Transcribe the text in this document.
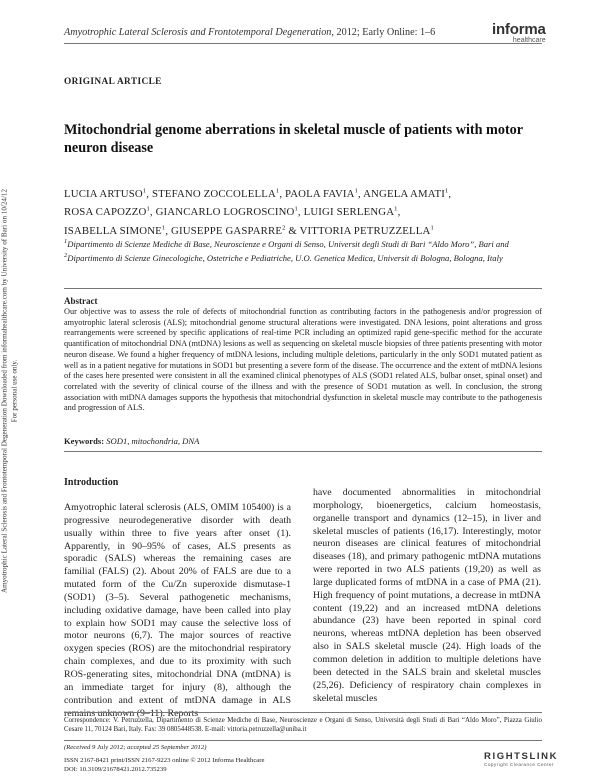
Amyotrophic Lateral Sclerosis and Frontotemporal Degeneration Downloaded from informahealthcare.com by University of Bari on 10/24/12 For personal use only.
Amyotrophic Lateral Sclerosis and Frontotemporal Degeneration, 2012; Early Online: 1–6	informa
healthcare
ORIGINAL ARTICLE
Mitochondrial genome aberrations in skeletal muscle of patients with motor neuron disease
LUCIA ARTUSO$^1$, STEFANO ZOCCOLELLA$^1$, PAOLA FAVIA$^1$, ANGELA AMATI$^1$,
ROSA CAPOZZO$^1$, GIANCARLO LOGROSCINO$^1$, LUIGI SERLENGA$^1$,
ISABELLA SIMONE$^1$, GIUSEPPE GASPARRE$^2$ & VITTORIA PETRUZZELLA$^1$
$^1$Dipartimento di Scienze Mediche di Base, Neuroscienze e Organi di Senso, Universit degli Studi di Bari “Aldo Moro”, Bari and $^2$Dipartimento di Scienze Ginecologiche, Ostetriche e Pediatriche, U.O. Genetica Medica, Universit di Bologna, Bologna, Italy
Abstract
Our objective was to assess the role of defects of mitochondrial function as contributing factors in the pathogenesis and/or progression of amyotrophic lateral sclerosis (ALS); mitochondrial genome structural alterations were investigated. DNA lesions, point alterations and gross rearrangements were screened by specific applications of real-time PCR including an optimized rapid gene-specific method for the accurate quantification of mitochondrial DNA (mtDNA) lesions as well as sequencing on skeletal muscle biopsies of three patients presenting with motor neuron disease. We found a higher frequency of mtDNA lesions, including multiple deletions, particularly in the only SOD1 mutated patient as well as in a patient negative for mutations in SOD1 but presenting a severe form of the disease. The occurrence and the extent of mtDNA lesions of the cases here presented were consistent in all the examined clinical phenotypes of ALS (SOD1 related ALS, bulbar onset, spinal onset) and correlated with the severity of clinical course of the illness and with the presence of SOD1 mutation as well. In conclusion, the strong association with mtDNA damages supports the hypothesis that mitochondrial dysfunction in skeletal muscle may contribute to the pathogenesis and progression of ALS.
Keywords: SOD1, mitochondria, DNA
Introduction
Amyotrophic lateral sclerosis (ALS, OMIM 105400) is a progressive neurodegenerative disorder with death usually within three to five years after onset (1). Apparently, in 90–95% of cases, ALS presents as sporadic (SALS) whereas the remaining cases are familial (FALS) (2). About 20% of FALS are due to a mutated form of the Cu/Zn superoxide dismutase-1 (SOD1) (3–5). Several pathogenetic mechanisms, including oxidative damage, have been called into play to explain how SOD1 may cause the selective loss of motor neurons (6,7). The major sources of reactive oxygen species (ROS) are the mitochondrial respiratory chain complexes, and due to its proximity with such ROS-generating sites, mitochondrial DNA (mtDNA) is an immediate target for injury (8), although the contribution and extent of mtDNA damage in ALS remains unknown (9–11). Reports
have documented abnormalities in mitochondrial morphology, bioenergetics, calcium homeostasis, organelle transport and dynamics (12–15), in liver and skeletal muscles of patients (16,17). Interestingly, motor neuron diseases are clinical features of mitochondrial diseases (18), and primary pathogenic mtDNA mutations were reported in two ALS patients (19,20) as well as large duplicated forms of mtDNA in a case of PMA (21). High frequency of point mutations, a decrease in mtDNA content (19,22) and an increased mtDNA deletions abundance (23) have been reported in spinal cord neurons, whereas mtDNA depletion has been observed also in SALS skeletal muscle (24). High loads of the common deletion in addition to multiple deletions have been detected in the SALS brain and skeletal muscles (25,26). Deficiency of respiratory chain complexes in skeletal muscles
Correspondence: V. Petruzzella, Dipartimento di Scienze Mediche di Base, Neuroscienze e Organi di Senso, Università degli Studi di Bari “Aldo Moro”, Piazza Giulio Cesare 11, 70124 Bari, Italy. Fax: 39 0805448538. E-mail: vittoria.petruzzella@uniba.it
(Received 9 July 2012; accepted 25 September 2012)
ISSN 2167-8421 print/ISSN 2167-9223 online © 2012 Informa Healthcare
DOI: 10.3109/21678421.2012.735239
RIGHTSLINK
Copyright Clearance Center
